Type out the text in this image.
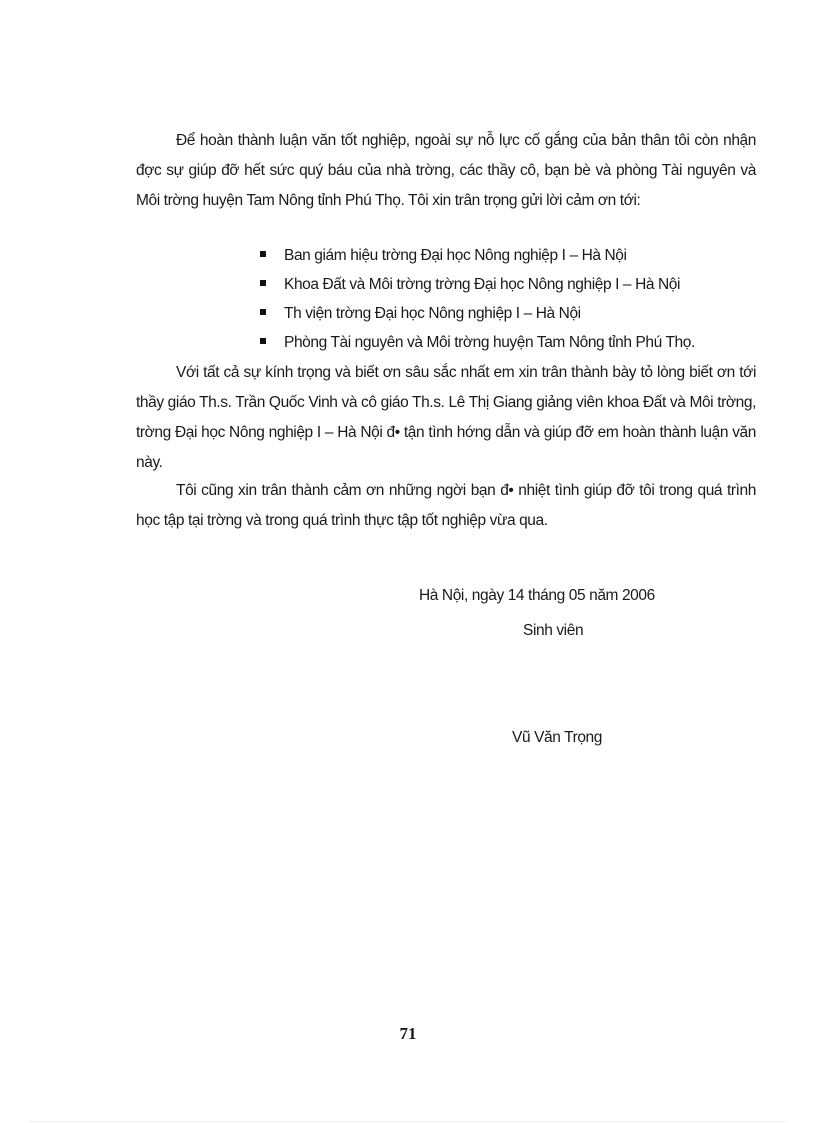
Để hoàn thành luận văn tốt nghiệp, ngoài sự nỗ lực cố gắng của bản thân tôi còn nhận đợc sự giúp đỡ hết sức quý báu của nhà trờng, các thầy cô, bạn bè và phòng Tài nguyên và Môi trờng huyện Tam Nông tỉnh Phú Thọ. Tôi xin trân trọng gửi lời cảm ơn tới:

Ban giám hiệu trờng Đại học Nông nghiệp I – Hà Nội
Khoa Đất và Môi trờng trờng Đại học Nông nghiệp I – Hà Nội
Th viện trờng Đại học Nông nghiệp I – Hà Nội
Phòng Tài nguyên và Môi trờng huyện Tam Nông tỉnh Phú Thọ.

Với tất cả sự kính trọng và biết ơn sâu sắc nhất em xin trân thành bày tỏ lòng biết ơn tới thầy giáo Th.s. Trần Quốc Vinh và cô giáo Th.s. Lê Thị Giang giảng viên khoa Đất và Môi trờng, trờng Đại học Nông nghiệp I – Hà Nội đ• tận tình hớng dẫn và giúp đỡ em hoàn thành luận văn này.

Tôi cũng xin trân thành cảm ơn những ngời bạn đ• nhiệt tình giúp đỡ tôi trong quá trình học tập tại trờng và trong quá trình thực tập tốt nghiệp vừa qua.

Hà Nội, ngày 14 tháng 05 năm 2006
Sinh viên
Vũ Văn Trọng
71
